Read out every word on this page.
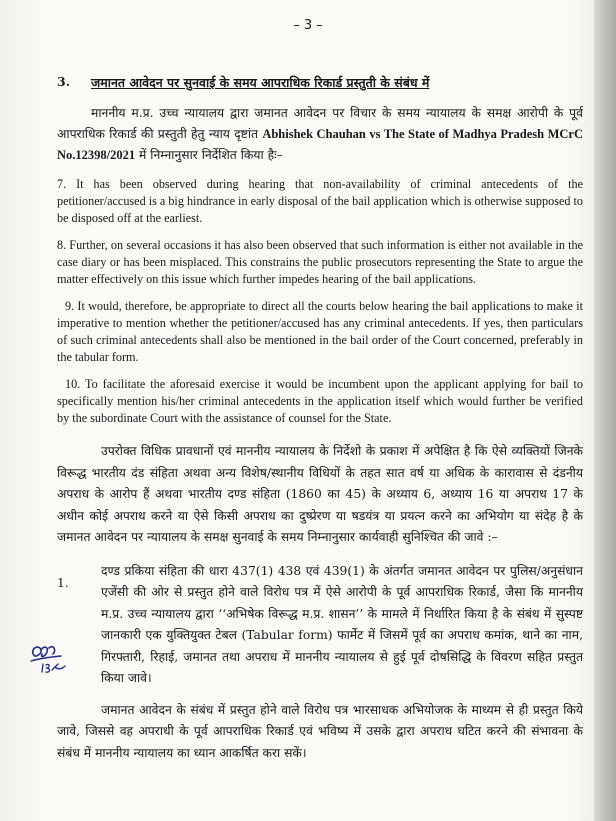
– 3 –
3.	जमानत आवेदन पर सुनवाई के समय आपराधिक रिकार्ड प्रस्तुती के संबंध में

माननीय म.प्र. उच्च न्यायालय द्वारा जमानत आवेदन पर विचार के समय न्यायालय के समक्ष आरोपी के पूर्व आपराधिक रिकार्ड की प्रस्तुती हेतु न्याय दृष्टांत Abhishek Chauhan vs The State of Madhya Pradesh MCrC No.12398/2021 में निम्नानुसार निर्देशित किया हैः–

7. It has been observed during hearing that non-availability of criminal antecedents of the petitioner/accused is a big hindrance in early disposal of the bail application which is otherwise supposed to be disposed off at the earliest.

8. Further, on several occasions it has also been observed that such information is either not available in the case diary or has been misplaced. This constrains the public prosecutors representing the State to argue the matter effectively on this issue which further impedes hearing of the bail applications.

9. It would, therefore, be appropriate to direct all the courts below hearing the bail applications to make it imperative to mention whether the petitioner/accused has any criminal antecedents. If yes, then particulars of such criminal antecedents shall also be mentioned in the bail order of the Court concerned, preferably in the tabular form.

10. To facilitate the aforesaid exercise it would be incumbent upon the applicant applying for bail to specifically mention his/her criminal antecedents in the application itself which would further be verified by the subordinate Court with the assistance of counsel for the State.

उपरोक्त विधिक प्रावधानों एवं माननीय न्यायालय के निर्देशो के प्रकाश में अपेक्षित है कि ऐसे व्यक्तियों जिनके विरूद्ध भारतीय दंड संहिता अथवा अन्य विशेष/स्थानीय विधियों के तहत सात वर्ष या अधिक के कारावास से दंडनीय अपराध के आरोप हैं अथवा भारतीय दण्ड संहिता (1860 का 45) के अध्याय 6, अध्याय 16 या अपराध 17 के अधीन कोई अपराध करने या ऐसे किसी अपराध का दुष्प्रेरण या षडयंत्र या प्रयत्न करने का अभियोग या संदेह है के जमानत आवेदन पर न्यायालय के समक्ष सुनवाई के समय निम्नानुसार कार्यवाही सुनिश्चित की जावे :–

1.
दण्ड प्रकिया संहिता की धारा 437(1) 438 एवं 439(1) के अंतर्गत जमानत आवेदन पर पुलिस/अनुसंधान एजेंसी की ओर से प्रस्तुत होने वाले विरोध पत्र में ऐसे आरोपी के पूर्व आपराधिक रिकार्ड, जैसा कि माननीय म.प्र. उच्च न्यायालय द्वारा ‘‘अभिषेक विरूद्ध म.प्र. शासन’’ के मामले में निर्धारित किया है के संबंध में सुस्पष्ट जानकारी एक युक्तियुक्त टेबल (Tabular form) फार्मेट में जिसमें पूर्व का अपराध कमांक, थाने का नाम, गिरफ्तारी, रिहाई, जमानत तथा अपराध में माननीय न्यायालय से हुई पूर्व दोषसिद्धि के विवरण सहित प्रस्तुत किया जावे।

जमानत आवेदन के संबंध में प्रस्तुत होने वाले विरोध पत्र भारसाधक अभियोजक के माध्यम से ही प्रस्तुत किये जावे, जिससे वह अपराधी के पूर्व आपराधिक रिकार्ड एवं भविष्य में उसके द्वारा अपराध घटित करने की संभावना के संबंध में माननीय न्यायालय का ध्यान आकर्षित करा सकें।
